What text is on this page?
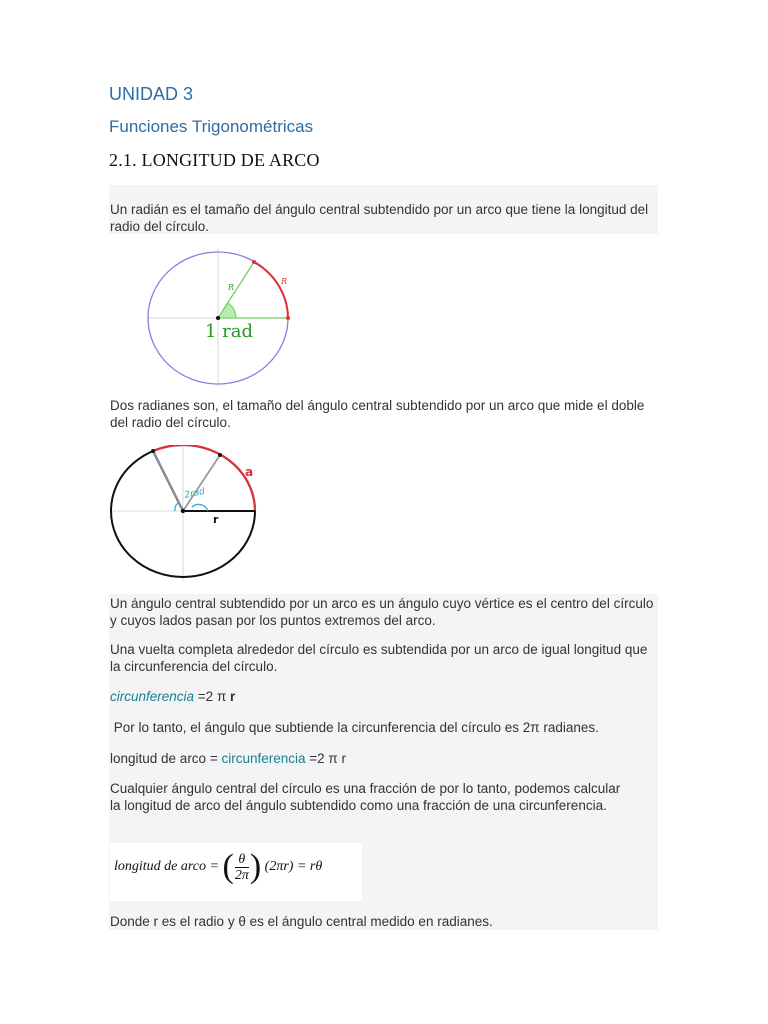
UNIDAD 3
Funciones Trigonométricas
2.1. LONGITUD DE ARCO

Un radián es el tamaño del ángulo central subtendido por un arco que tiene la longitud del radio del círculo.

R
R
1 rad

Dos radianes son, el tamaño del ángulo central subtendido por un arco que mide el doble del radio del círculo.

2rad
a
r

Un ángulo central subtendido por un arco es un ángulo cuyo vértice es el centro del círculo y cuyos lados pasan por los puntos extremos del arco.

Una vuelta completa alrededor del círculo es subtendida por un arco de igual longitud que la circunferencia del círculo.

circunferencia =2 π r

Por lo tanto, el ángulo que subtiende la circunferencia del círculo es 2π radianes.

longitud de arco = circunferencia =2 π r

Cualquier ángulo central del círculo es una fracción de por lo tanto, podemos calcular la longitud de arco del ángulo subtendido como una fracción de una circunferencia.

longitud de arco = ( $\frac{\theta}{2\pi}$ ) (2πr) = rθ

Donde r es el radio y θ es el ángulo central medido en radianes.
